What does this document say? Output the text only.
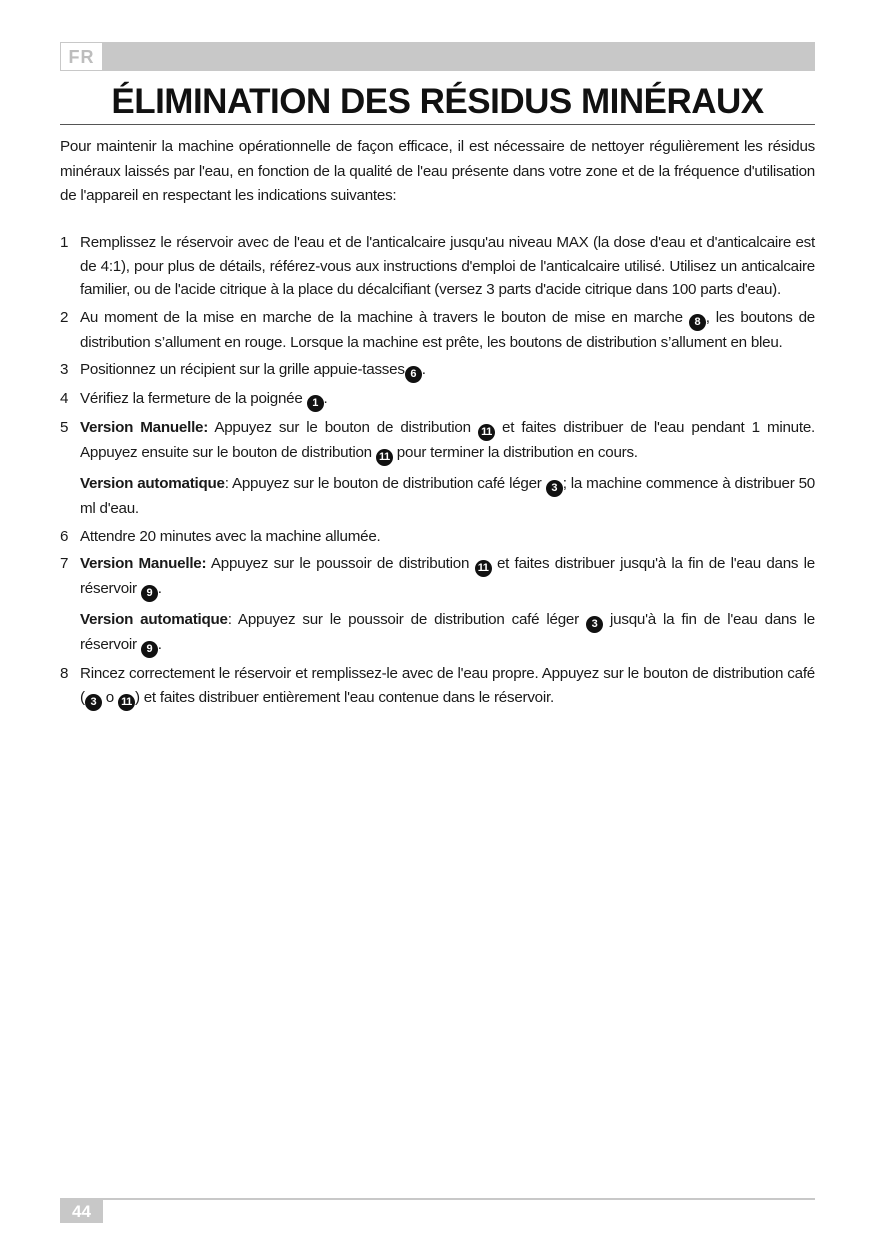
FR
ÉLIMINATION DES RÉSIDUS MINÉRAUX

Pour maintenir la machine opérationnelle de façon efficace, il est nécessaire de nettoyer régulièrement les résidus minéraux laissés par l'eau, en fonction de la qualité de l'eau présente dans votre zone et de la fréquence d'utilisation de l'appareil en respectant les indications suivantes:

1 Remplissez le réservoir avec de l'eau et de l'anticalcaire jusqu'au niveau MAX (la dose d'eau et d'anticalcaire est de 4:1), pour plus de détails, référez-vous aux instructions d'emploi de l'anticalcaire utilisé. Utilisez un anticalcaire familier, ou de l'acide citrique à la place du décalcifiant (versez 3 parts d'acide citrique dans 100 parts d'eau).
2 Au moment de la mise en marche de la machine à travers le bouton de mise en marche 8 , les boutons de distribution s’allument en rouge. Lorsque la machine est prête, les boutons de distribution s’allument en bleu.
3 Positionnez un récipient sur la grille appuie-tasses 6 .
4 Vérifiez la fermeture de la poignée 1 .
5 Version Manuelle: Appuyez sur le bouton de distribution 11 et faites distribuer de l'eau pendant 1 minute. Appuyez ensuite sur le bouton de distribution 11 pour terminer la distribution en cours.
Version automatique: Appuyez sur le bouton de distribution café léger 3 ; la machine commence à distribuer 50 ml d'eau.
6 Attendre 20 minutes avec la machine allumée.
7 Version Manuelle: Appuyez sur le poussoir de distribution 11 et faites distribuer jusqu'à la fin de l'eau dans le réservoir 9 .
Version automatique: Appuyez sur le poussoir de distribution café léger 3 jusqu'à la fin de l'eau dans le réservoir 9 .
8 Rincez correctement le réservoir et remplissez-le avec de l'eau propre. Appuyez sur le bouton de distribution café ( 3 o 11 ) et faites distribuer entièrement l'eau contenue dans le réservoir.
44
